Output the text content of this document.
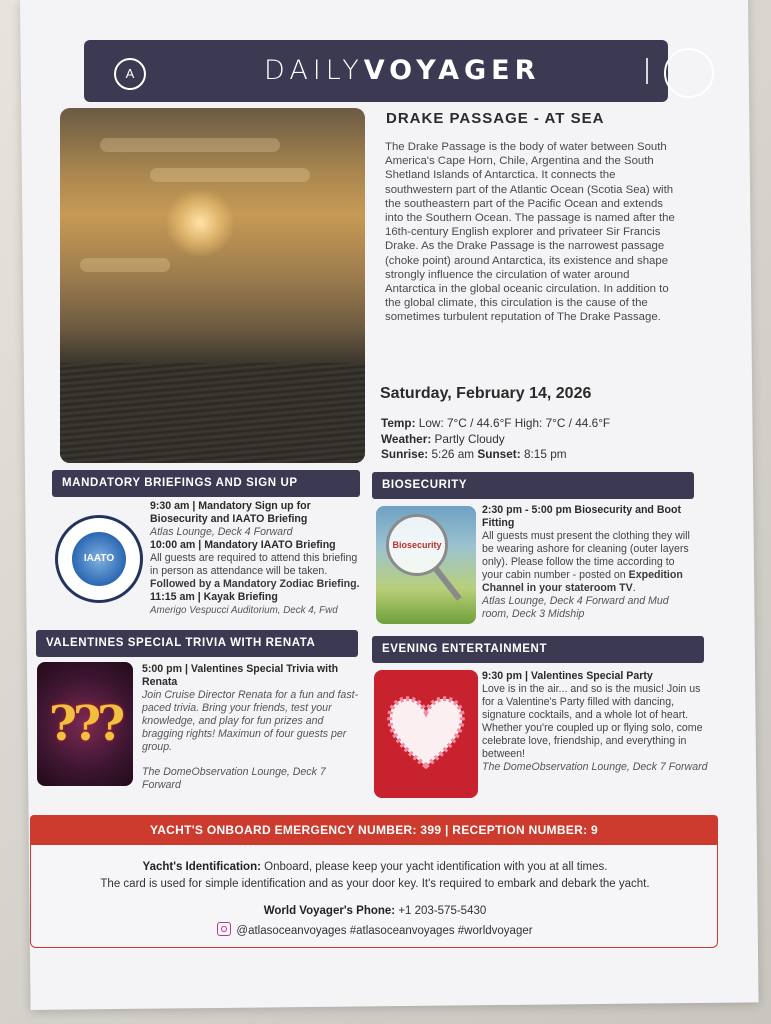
A	DAILYVOYAGER
DRAKE PASSAGE - AT SEA
The Drake Passage is the body of water between South America's Cape Horn, Chile, Argentina and the South Shetland Islands of Antarctica. It connects the southwestern part of the Atlantic Ocean (Scotia Sea) with the southeastern part of the Pacific Ocean and extends into the Southern Ocean. The passage is named after the 16th-century English explorer and privateer Sir Francis Drake. As the Drake Passage is the narrowest passage (choke point) around Antarctica, its existence and shape strongly influence the circulation of water around Antarctica in the global oceanic circulation. In addition to the global climate, this circulation is the cause of the sometimes turbulent reputation of The Drake Passage.
Saturday, February 14, 2026
Temp: Low: 7°C / 44.6°F High: 7°C / 44.6°F
Weather: Partly Cloudy
Sunrise: 5:26 am Sunset: 8:15 pm
MANDATORY BRIEFINGS AND SIGN UP
IAATO
9:30 am | Mandatory Sign up for Biosecurity and IAATO Briefing
Atlas Lounge, Deck 4 Forward
10:00 am | Mandatory IAATO Briefing
All guests are required to attend this briefing in person as attendance will be taken. Followed by a Mandatory Zodiac Briefing.
11:15 am | Kayak Briefing
Amerigo Vespucci Auditorium, Deck 4, Fwd
BIOSECURITY
Biosecurity
2:30 pm - 5:00 pm Biosecurity and Boot Fitting
All guests must present the clothing they will be wearing ashore for cleaning (outer layers only). Please follow the time according to your cabin number - posted on Expedition Channel in your stateroom TV.
Atlas Lounge, Deck 4 Forward and Mud room, Deck 3 Midship
VALENTINES SPECIAL TRIVIA WITH RENATA
???
5:00 pm | Valentines Special Trivia with Renata
Join Cruise Director Renata for a fun and fast-paced trivia. Bring your friends, test your knowledge, and play for fun prizes and bragging rights! Maximun of four guests per group.
The DomeObservation Lounge, Deck 7 Forward
EVENING ENTERTAINMENT
9:30 pm | Valentines Special Party
Love is in the air... and so is the music! Join us for a Valentine's Party filled with dancing, signature cocktails, and a whole lot of heart. Whether you're coupled up or flying solo, come celebrate love, friendship, and everything in between!
The DomeObservation Lounge, Deck 7 Forward
YACHT'S ONBOARD EMERGENCY NUMBER: 399 | RECEPTION NUMBER: 9
Yacht's Identification: Onboard, please keep your yacht identification with you at all times.
The card is used for simple identification and as your door key. It's required to embark and debark the yacht.
World Voyager's Phone: +1 203-575-5430
@atlasoceanvoyages #atlasoceanvoyages #worldvoyager
